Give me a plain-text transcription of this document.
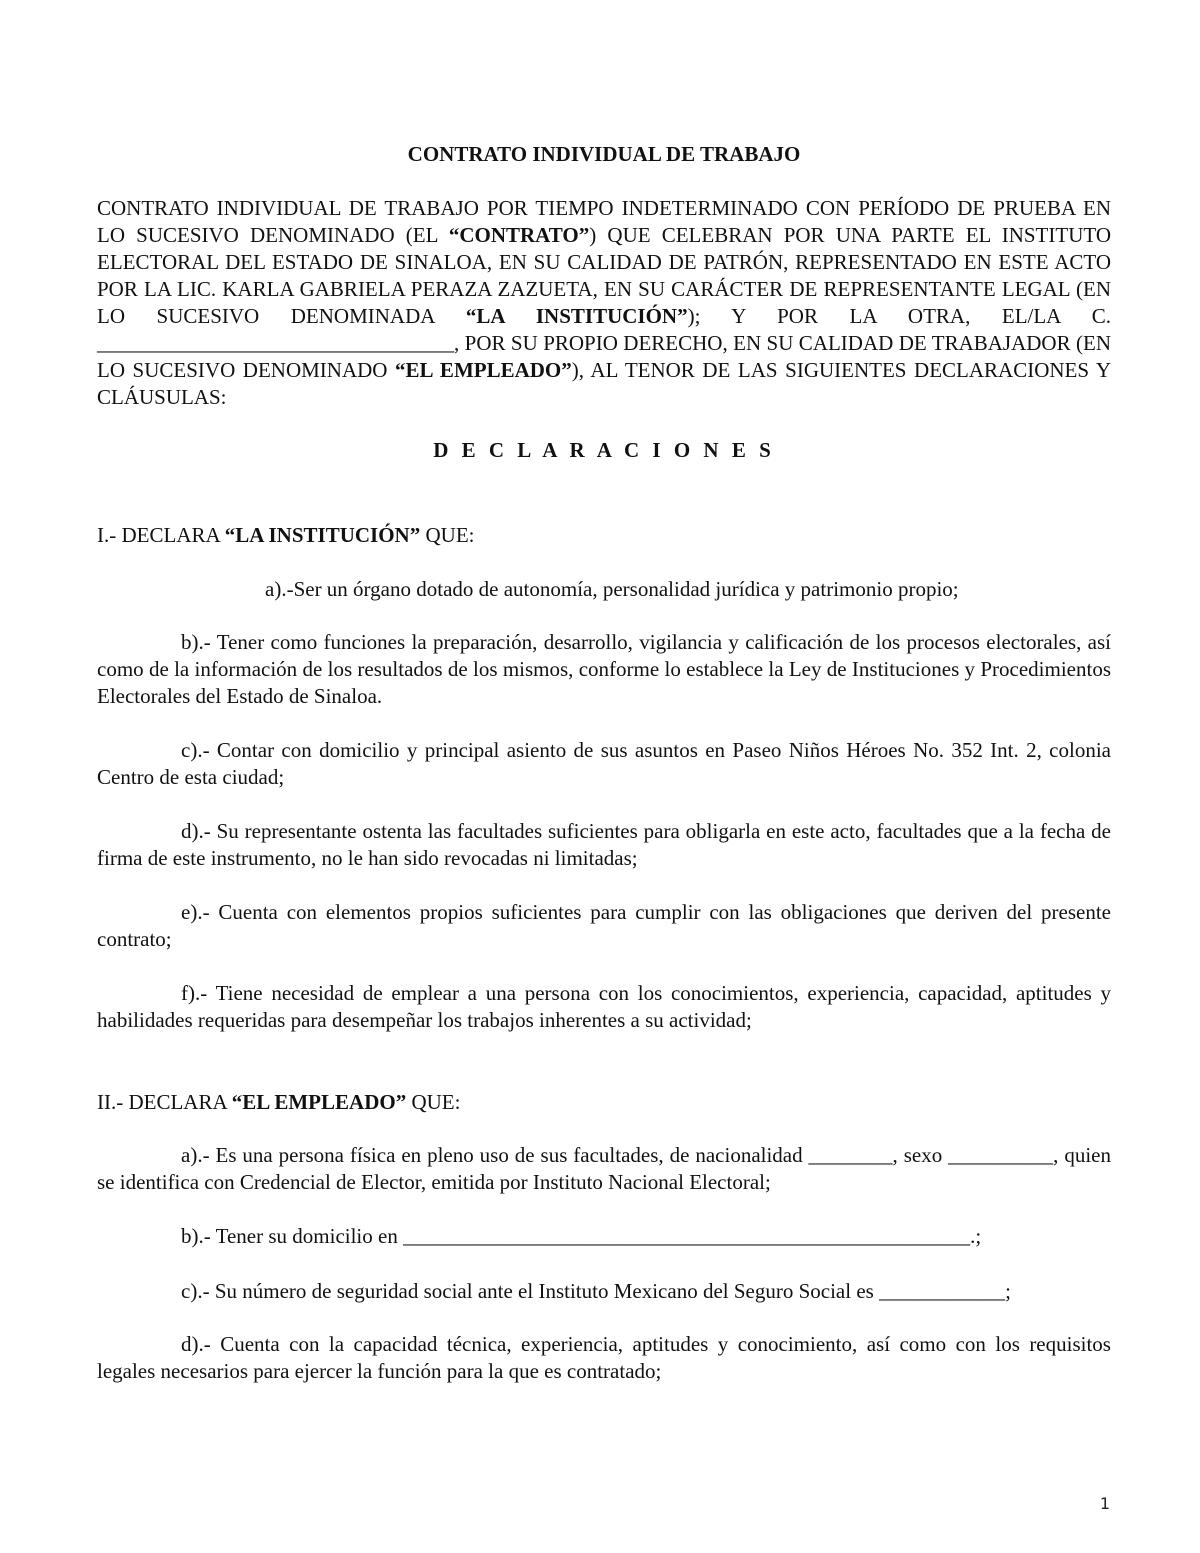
CONTRATO INDIVIDUAL DE TRABAJO
CONTRATO INDIVIDUAL DE TRABAJO POR TIEMPO INDETERMINADO CON PERÍODO DE PRUEBA EN LO SUCESIVO DENOMINADO (EL “CONTRATO”) QUE CELEBRAN POR UNA PARTE EL INSTITUTO ELECTORAL DEL ESTADO DE SINALOA, EN SU CALIDAD DE PATRÓN, REPRESENTADO EN ESTE ACTO POR LA LIC. KARLA GABRIELA PERAZA ZAZUETA, EN SU CARÁCTER DE REPRESENTANTE LEGAL (EN LO SUCESIVO DENOMINADA “LA INSTITUCIÓN”); Y POR LA OTRA, EL/LA C. __________________________________, POR SU PROPIO DERECHO, EN SU CALIDAD DE TRABAJADOR (EN LO SUCESIVO DENOMINADO “EL EMPLEADO”), AL TENOR DE LAS SIGUIENTES DECLARACIONES Y CLÁUSULAS:
D E C L A R A C I O N E S
I.- DECLARA “LA INSTITUCIÓN” QUE:
a).-Ser un órgano dotado de autonomía, personalidad jurídica y patrimonio propio;
b).- Tener como funciones la preparación, desarrollo, vigilancia y calificación de los procesos electorales, así como de la información de los resultados de los mismos, conforme lo establece la Ley de Instituciones y Procedimientos Electorales del Estado de Sinaloa.
c).- Contar con domicilio y principal asiento de sus asuntos en Paseo Niños Héroes No. 352 Int. 2, colonia Centro de esta ciudad;
d).- Su representante ostenta las facultades suficientes para obligarla en este acto, facultades que a la fecha de firma de este instrumento, no le han sido revocadas ni limitadas;
e).- Cuenta con elementos propios suficientes para cumplir con las obligaciones que deriven del presente contrato;
f).- Tiene necesidad de emplear a una persona con los conocimientos, experiencia, capacidad, aptitudes y habilidades requeridas para desempeñar los trabajos inherentes a su actividad;
II.- DECLARA “EL EMPLEADO” QUE:
a).- Es una persona física en pleno uso de sus facultades, de nacionalidad ________, sexo __________, quien se identifica con Credencial de Elector, emitida por Instituto Nacional Electoral;
b).- Tener su domicilio en ______________________________________________________.;
c).- Su número de seguridad social ante el Instituto Mexicano del Seguro Social es ____________;
d).- Cuenta con la capacidad técnica, experiencia, aptitudes y conocimiento, así como con los requisitos legales necesarios para ejercer la función para la que es contratado;
1
